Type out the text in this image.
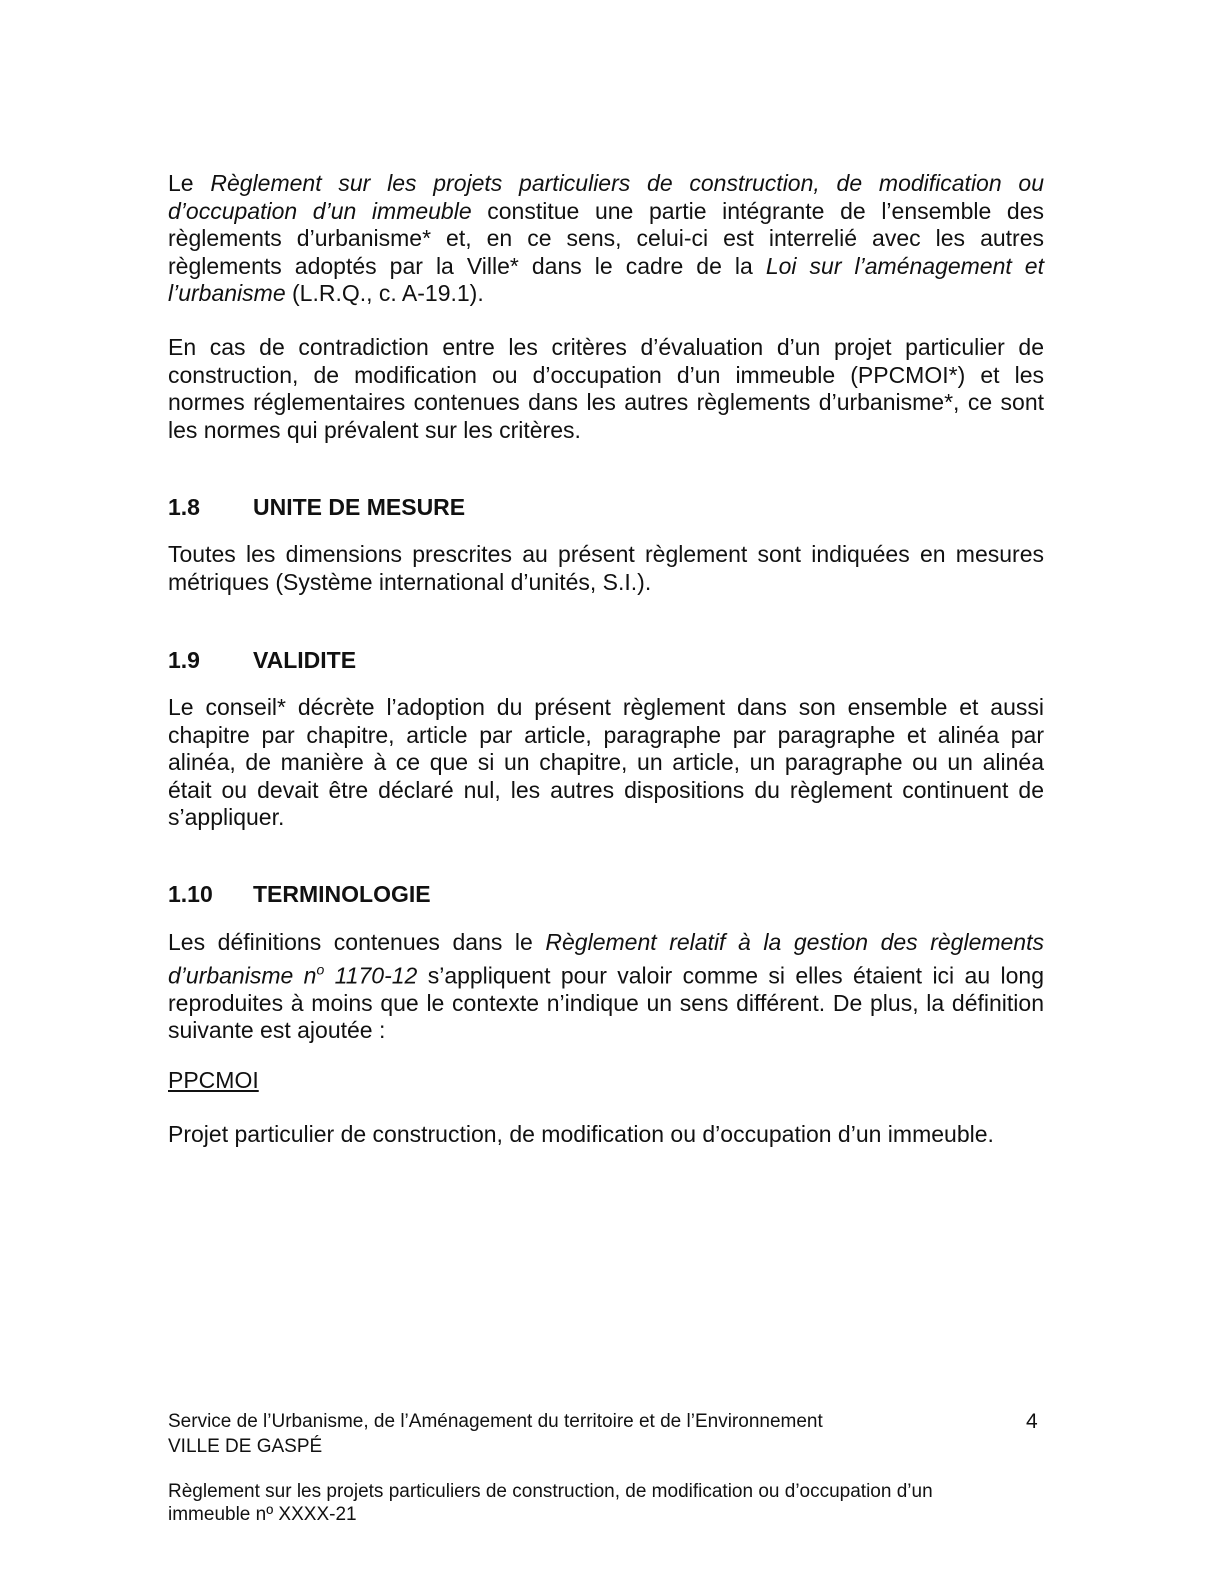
Le Règlement sur les projets particuliers de construction, de modification ou d’occupation d’un immeuble constitue une partie intégrante de l’ensemble des règlements d’urbanisme* et, en ce sens, celui-ci est interrelié avec les autres règlements adoptés par la Ville* dans le cadre de la Loi sur l’aménagement et l’urbanisme (L.R.Q., c. A-19.1).

En cas de contradiction entre les critères d’évaluation d’un projet particulier de construction, de modification ou d’occupation d’un immeuble (PPCMOI*) et les normes réglementaires contenues dans les autres règlements d’urbanisme*, ce sont les normes qui prévalent sur les critères.

1.8 UNITE DE MESURE

Toutes les dimensions prescrites au présent règlement sont indiquées en mesures métriques (Système international d’unités, S.I.).

1.9 VALIDITE

Le conseil* décrète l’adoption du présent règlement dans son ensemble et aussi chapitre par chapitre, article par article, paragraphe par paragraphe et alinéa par alinéa, de manière à ce que si un chapitre, un article, un paragraphe ou un alinéa était ou devait être déclaré nul, les autres dispositions du règlement continuent de s’appliquer.

1.10 TERMINOLOGIE

Les définitions contenues dans le Règlement relatif à la gestion des règlements d’urbanisme $n^o$ 1170-12 s’appliquent pour valoir comme si elles étaient ici au long reproduites à moins que le contexte n’indique un sens différent. De plus, la définition suivante est ajoutée :

PPCMOI

Projet particulier de construction, de modification ou d’occupation d’un immeuble.

Service de l’Urbanisme, de l’Aménagement du territoire et de l’Environnement
VILLE DE GASPÉ
Règlement sur les projets particuliers de construction, de modification ou d’occupation d’un
immeuble nº XXXX-21
4
